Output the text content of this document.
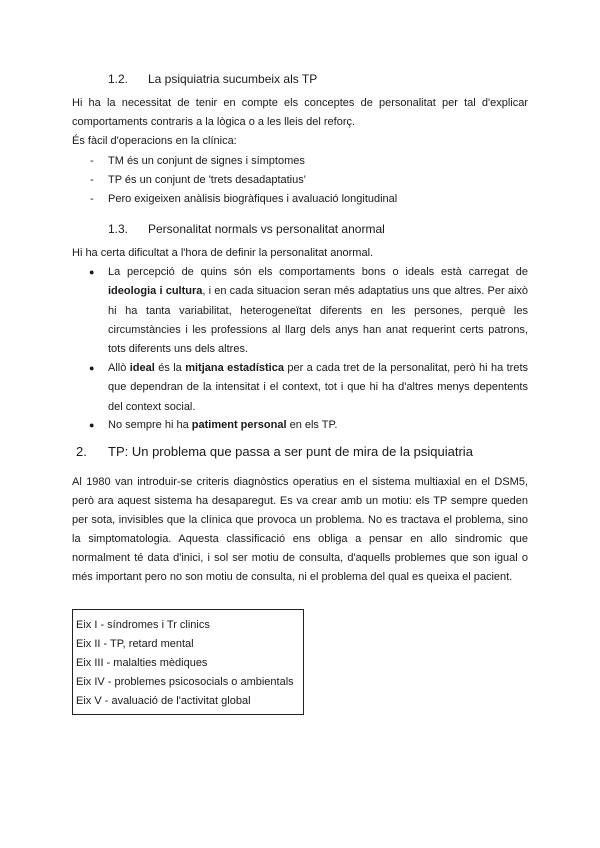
1.2. La psiquiatria sucumbeix als TP

Hi ha la necessitat de tenir en compte els conceptes de personalitat per tal d'explicar comportaments contraris a la lògica o a les lleis del reforç.

És fàcil d'operacions en la clínica:
- TM és un conjunt de signes i símptomes
- TP és un conjunt de 'trets desadaptatius'
- Pero exigeixen anàlisis biogràfiques i avaluació longitudinal
1.3. Personalitat normals vs personalitat anormal
Hi ha certa dificultat a l'hora de definir la personalitat anormal.
● La percepció de quins són els comportaments bons o ideals està carregat de ideologia i cultura, i en cada situacion seran més adaptatius uns que altres. Per això hi ha tanta variabilitat, heterogeneïtat diferents en les persones, perquè les circumstàncies i les professions al llarg dels anys han anat requerint certs patrons, tots diferents uns dels altres.
● Allò ideal és la mitjana estadística per a cada tret de la personalitat, però hi ha trets que dependran de la intensitat i el context, tot i que hi ha d'altres menys depentents del context social.
● No sempre hi ha patiment personal en els TP.
2. TP: Un problema que passa a ser punt de mira de la psiquiatria

Al 1980 van introduir-se criteris diagnòstics operatius en el sistema multiaxial en el DSM5, però ara aquest sistema ha desaparegut. Es va crear amb un motiu: els TP sempre queden per sota, invisibles que la clínica que provoca un problema. No es tractava el problema, sino la simptomatologia. Aquesta classificació ens obliga a pensar en allo sindromic que normalment té data d'inici, i sol ser motiu de consulta, d'aquells problemes que son igual o més important pero no son motiu de consulta, ni el problema del qual es queixa el pacient.

Eix I - síndromes i Tr clinics
Eix II - TP, retard mental
Eix III - malalties mèdiques
Eix IV - problemes psicosocials o ambientals
Eix V - avaluació de l'activitat global
